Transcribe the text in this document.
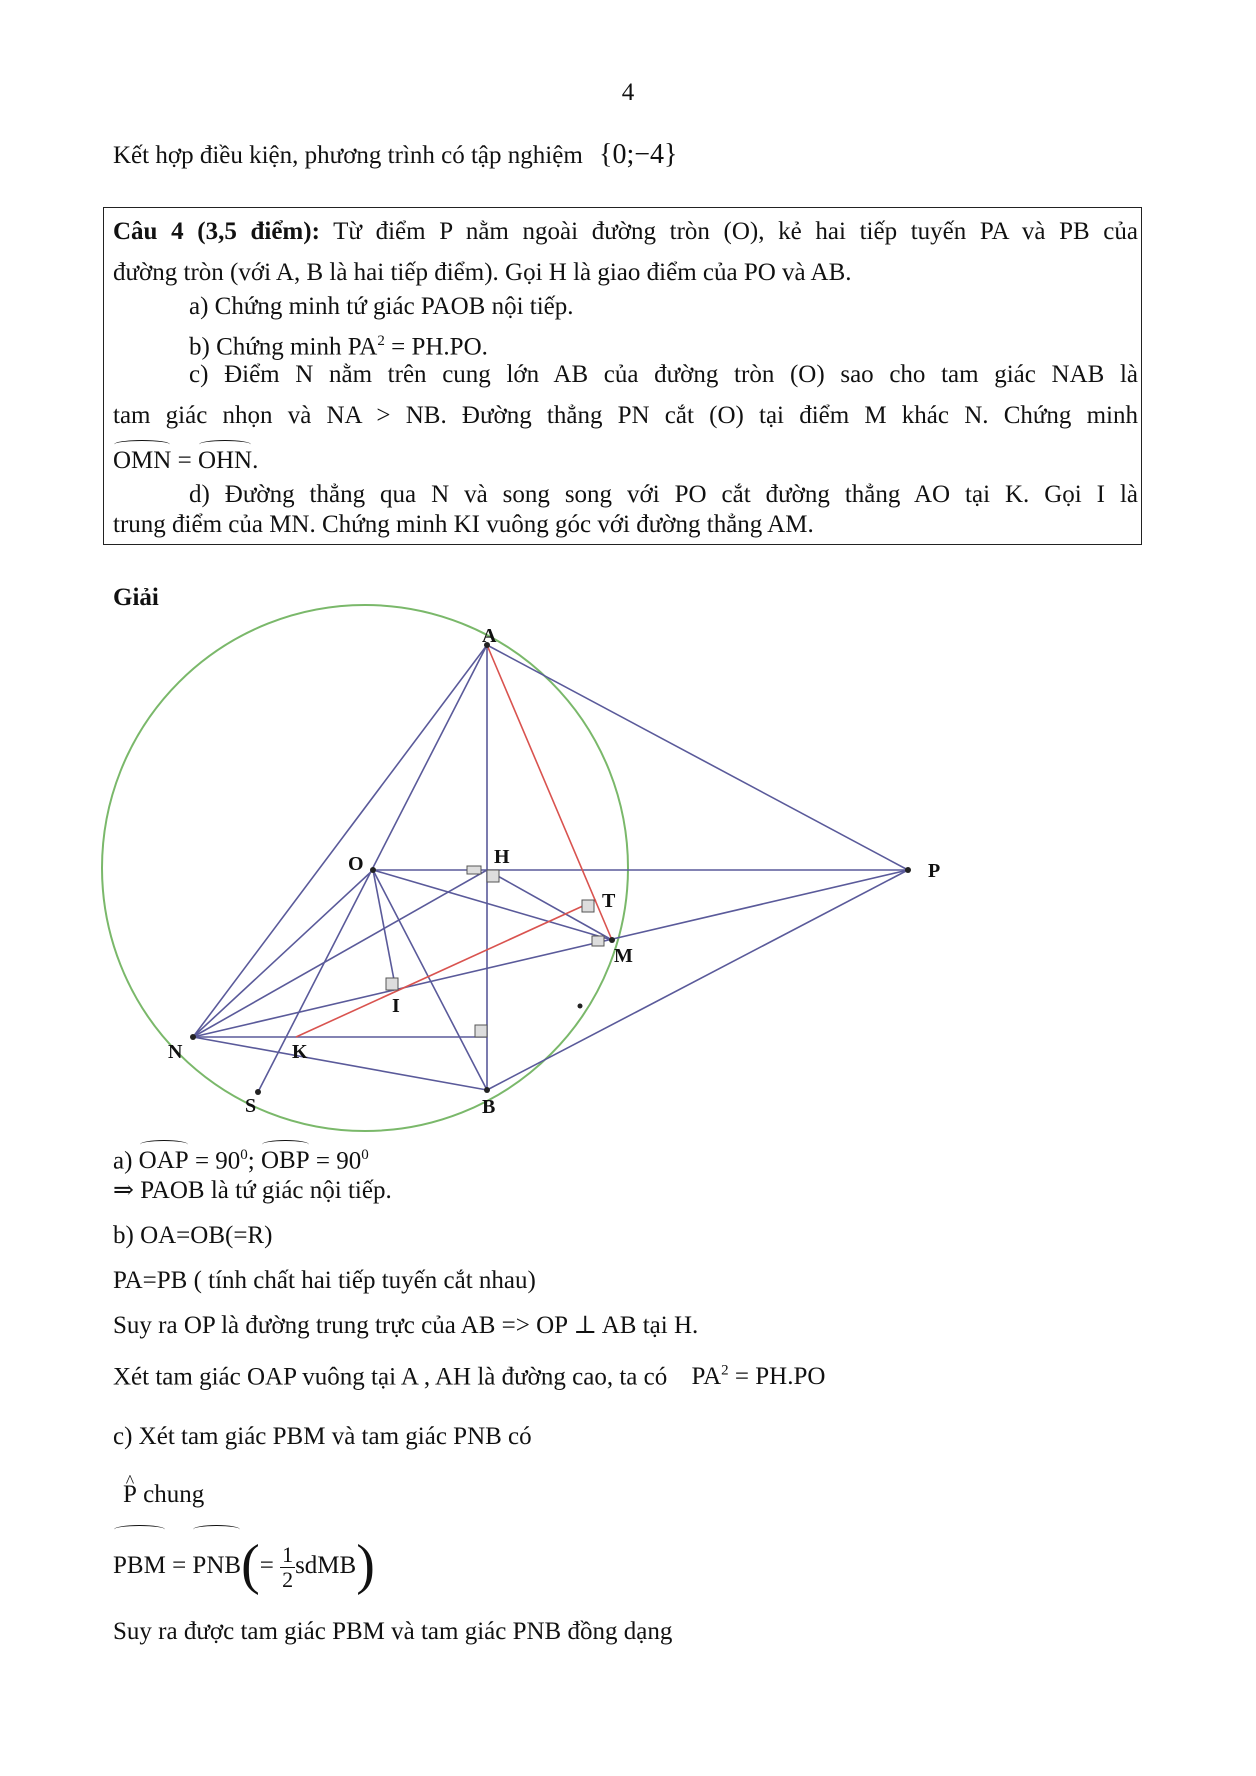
4
Kết hợp điều kiện, phương trình có tập nghiệm {0;−4}
Câu 4 (3,5 điểm): Từ điểm P nằm ngoài đường tròn (O), kẻ hai tiếp tuyến PA và PB của
đường tròn (với A, B là hai tiếp điểm). Gọi H là giao điểm của PO và AB.
a) Chứng minh tứ giác PAOB nội tiếp.
b) Chứng minh $PA^2 = PH.PO$.
c) Điểm N nằm trên cung lớn AB của đường tròn (O) sao cho tam giác NAB là
tam giác nhọn và NA > NB. Đường thẳng PN cắt (O) tại điểm M khác N. Chứng minh
OMN = OHN.
d) Đường thẳng qua N và song song với PO cắt đường thẳng AO tại K. Gọi I là
trung điểm của MN. Chứng minh KI vuông góc với đường thẳng AM.
Giải
A
O	H
P
T
M
I
N	K
S	B
a) OAP = $90^0$; OBP = $90^0$
⇒ PAOB là tứ giác nội tiếp.
b) OA=OB(=R)
PA=PB ( tính chất hai tiếp tuyến cắt nhau)
Suy ra OP là đường trung trực của AB => OP ⊥ AB tại H.
Xét tam giác OAP vuông tại A , AH là đường cao, ta có $PA^2 = PH.PO$
c) Xét tam giác PBM và tam giác PNB có
^ P chung
PBM = $PNB(= \frac{1}{2}$ sdMB)
Suy ra được tam giác PBM và tam giác PNB đồng dạng
